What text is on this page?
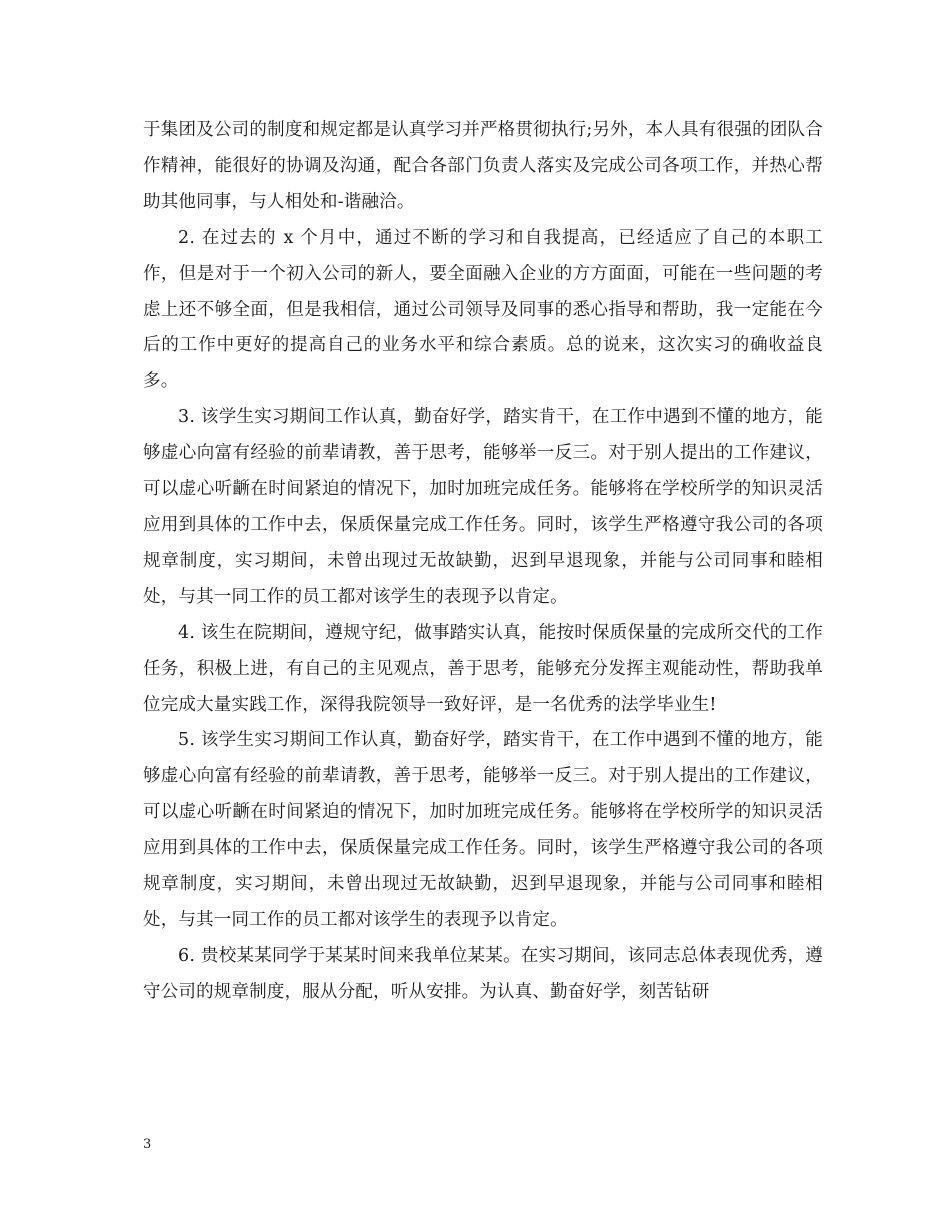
于集团及公司的制度和规定都是认真学习并严格贯彻执行;另外，本人具有很强的团队合作精神，能很好的协调及沟通，配合各部门负责人落实及完成公司各项工作，并热心帮助其他同事，与人相处和-谐融洽。

2. 在过去的 x 个月中，通过不断的学习和自我提高，已经适应了自己的本职工作，但是对于一个初入公司的新人，要全面融入企业的方方面面，可能在一些问题的考虑上还不够全面，但是我相信，通过公司领导及同事的悉心指导和帮助，我一定能在今后的工作中更好的提高自己的业务水平和综合素质。总的说来，这次实习的确收益良多。

3. 该学生实习期间工作认真，勤奋好学，踏实肯干，在工作中遇到不懂的地方，能够虚心向富有经验的前辈请教，善于思考，能够举一反三。对于别人提出的工作建议，可以虚心听齭在时间紧迫的情况下，加时加班完成任务。能够将在学校所学的知识灵活应用到具体的工作中去，保质保量完成工作任务。同时，该学生严格遵守我公司的各项规章制度，实习期间，未曾出现过无故缺勤，迟到早退现象，并能与公司同事和睦相处，与其一同工作的员工都对该学生的表现予以肯定。

4. 该生在院期间，遵规守纪，做事踏实认真，能按时保质保量的完成所交代的工作任务，积极上进，有自己的主见观点，善于思考，能够充分发挥主观能动性，帮助我单位完成大量实践工作，深得我院领导一致好评，是一名优秀的法学毕业生!

5. 该学生实习期间工作认真，勤奋好学，踏实肯干，在工作中遇到不懂的地方，能够虚心向富有经验的前辈请教，善于思考，能够举一反三。对于别人提出的工作建议，可以虚心听齭在时间紧迫的情况下，加时加班完成任务。能够将在学校所学的知识灵活应用到具体的工作中去，保质保量完成工作任务。同时，该学生严格遵守我公司的各项规章制度，实习期间，未曾出现过无故缺勤，迟到早退现象，并能与公司同事和睦相处，与其一同工作的员工都对该学生的表现予以肯定。

6. 贵校某某同学于某某时间来我单位某某。在实习期间，该同志总体表现优秀，遵守公司的规章制度，服从分配，听从安排。为认真、勤奋好学，刻苦钻研

3
